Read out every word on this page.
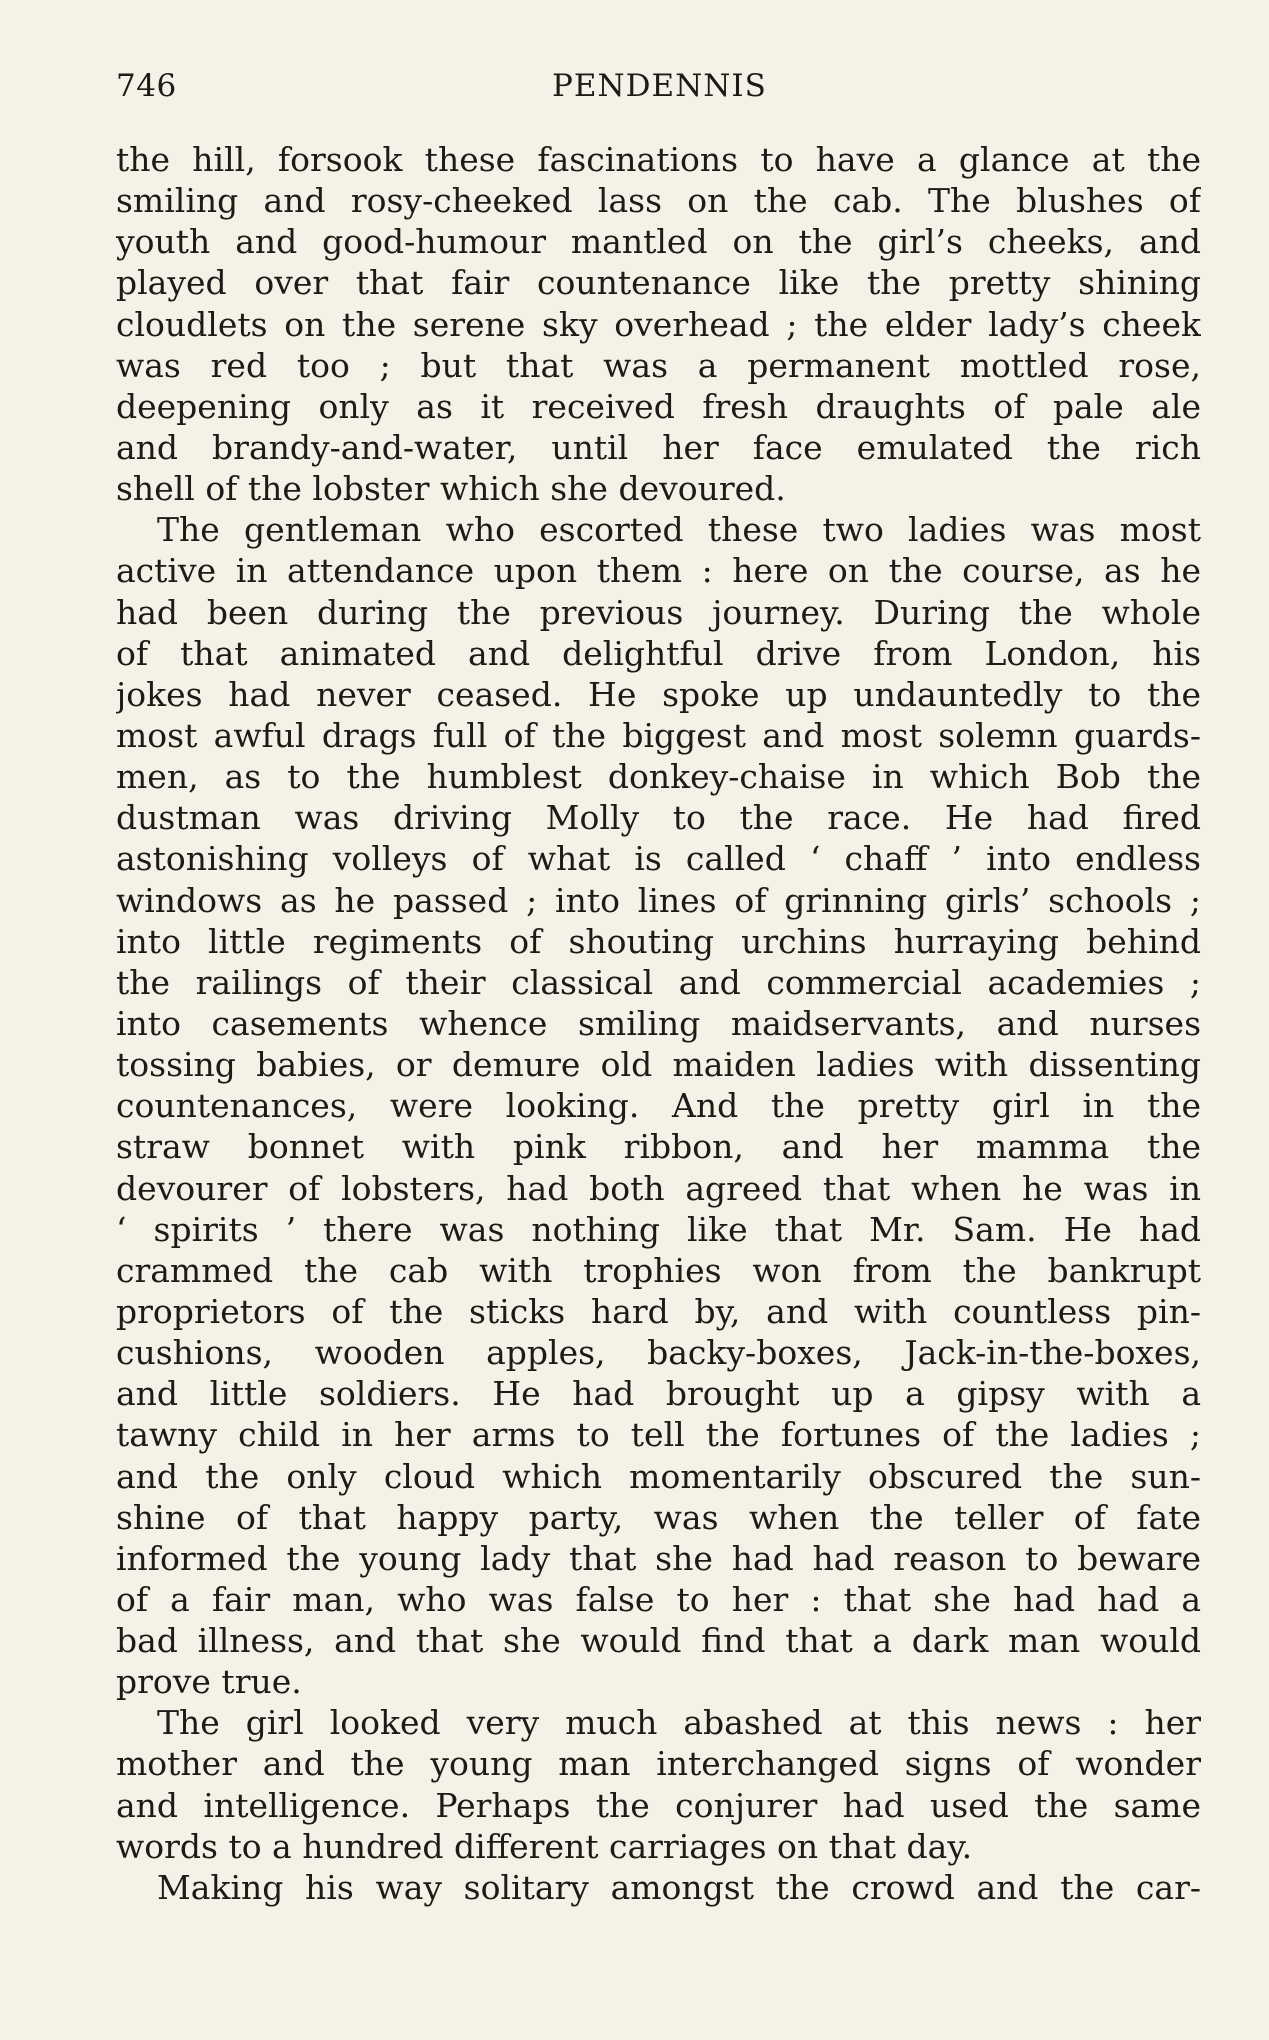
746	PENDENNIS
the hill, forsook these fascinations to have a glance at the
smiling and rosy-cheeked lass on the cab. The blushes of
youth and good-humour mantled on the girl’s cheeks, and
played over that fair countenance like the pretty shining
cloudlets on the serene sky overhead ; the elder lady’s cheek
was red too ; but that was a permanent mottled rose,
deepening only as it received fresh draughts of pale ale
and brandy-and-water, until her face emulated the rich
shell of the lobster which she devoured.
The gentleman who escorted these two ladies was most
active in attendance upon them : here on the course, as he
had been during the previous journey. During the whole
of that animated and delightful drive from London, his
jokes had never ceased. He spoke up undauntedly to the
most awful drags full of the biggest and most solemn guards-
men, as to the humblest donkey-chaise in which Bob the
dustman was driving Molly to the race. He had fired
astonishing volleys of what is called ‘ chaff ’ into endless
windows as he passed ; into lines of grinning girls’ schools ;
into little regiments of shouting urchins hurraying behind
the railings of their classical and commercial academies ;
into casements whence smiling maidservants, and nurses
tossing babies, or demure old maiden ladies with dissenting
countenances, were looking. And the pretty girl in the
straw bonnet with pink ribbon, and her mamma the
devourer of lobsters, had both agreed that when he was in
‘ spirits ’ there was nothing like that Mr. Sam. He had
crammed the cab with trophies won from the bankrupt
proprietors of the sticks hard by, and with countless pin-
cushions, wooden apples, backy-boxes, Jack-in-the-boxes,
and little soldiers. He had brought up a gipsy with a
tawny child in her arms to tell the fortunes of the ladies ;
and the only cloud which momentarily obscured the sun-
shine of that happy party, was when the teller of fate
informed the young lady that she had had reason to beware
of a fair man, who was false to her : that she had had a
bad illness, and that she would find that a dark man would
prove true.
The girl looked very much abashed at this news : her
mother and the young man interchanged signs of wonder
and intelligence. Perhaps the conjurer had used the same
words to a hundred different carriages on that day.
Making his way solitary amongst the crowd and the car-
